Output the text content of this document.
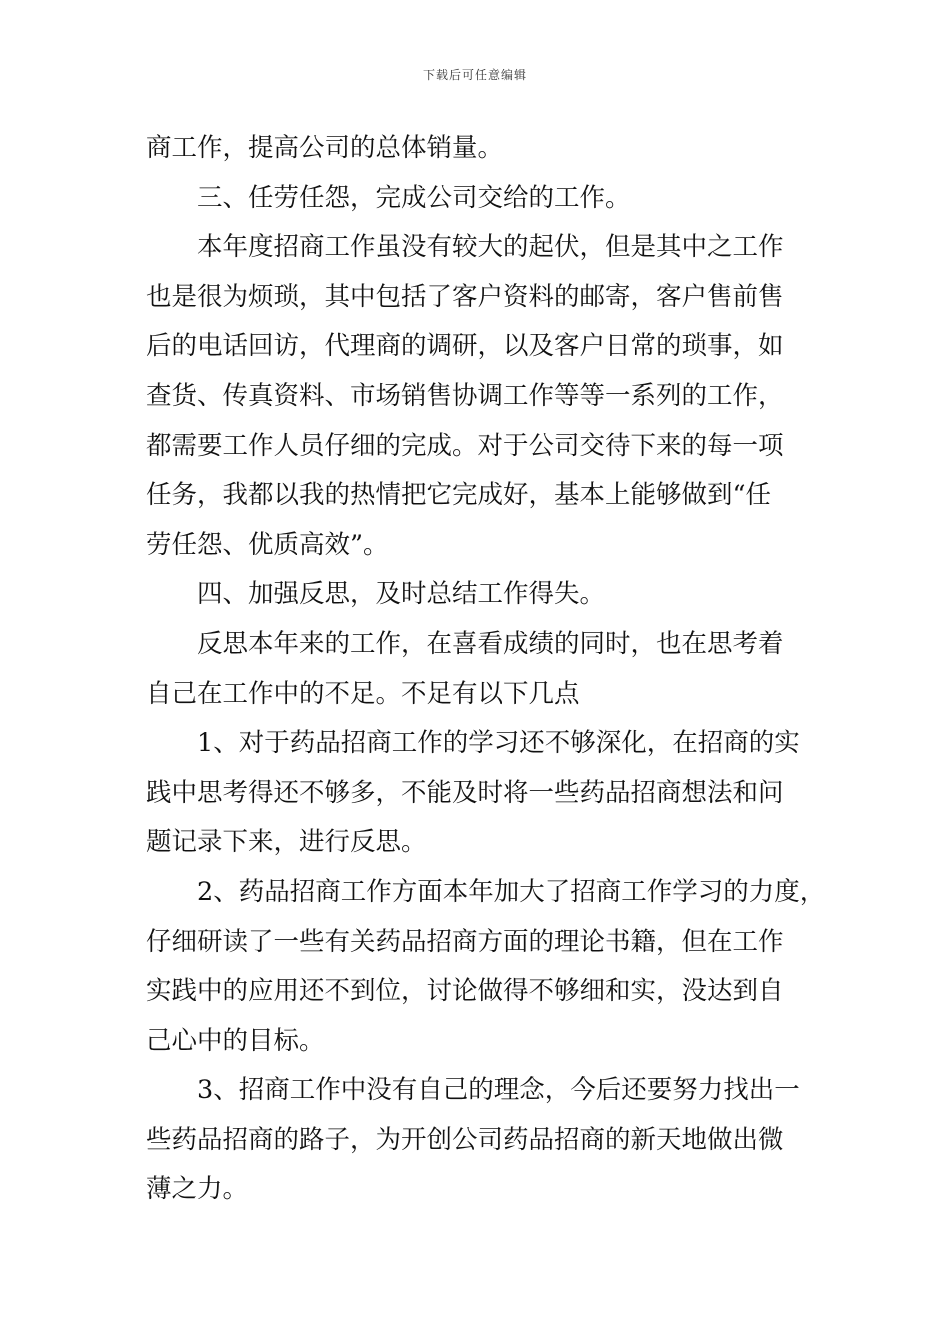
下载后可任意编辑
商工作，提高公司的总体销量。
三、任劳任怨，完成公司交给的工作。
本年度招商工作虽没有较大的起伏，但是其中之工作
也是很为烦琐，其中包括了客户资料的邮寄，客户售前售
后的电话回访，代理商的调研，以及客户日常的琐事，如
查货、传真资料、市场销售协调工作等等一系列的工作，
都需要工作人员仔细的完成。对于公司交待下来的每一项
任务，我都以我的热情把它完成好，基本上能够做到“任
劳任怨、优质高效”。
四、加强反思，及时总结工作得失。
反思本年来的工作，在喜看成绩的同时，也在思考着
自己在工作中的不足。不足有以下几点
1、对于药品招商工作的学习还不够深化，在招商的实
践中思考得还不够多，不能及时将一些药品招商想法和问
题记录下来，进行反思。
2、药品招商工作方面本年加大了招商工作学习的力度，
仔细研读了一些有关药品招商方面的理论书籍，但在工作
实践中的应用还不到位，讨论做得不够细和实，没达到自
己心中的目标。
3、招商工作中没有自己的理念，今后还要努力找出一
些药品招商的路子，为开创公司药品招商的新天地做出微
薄之力。
